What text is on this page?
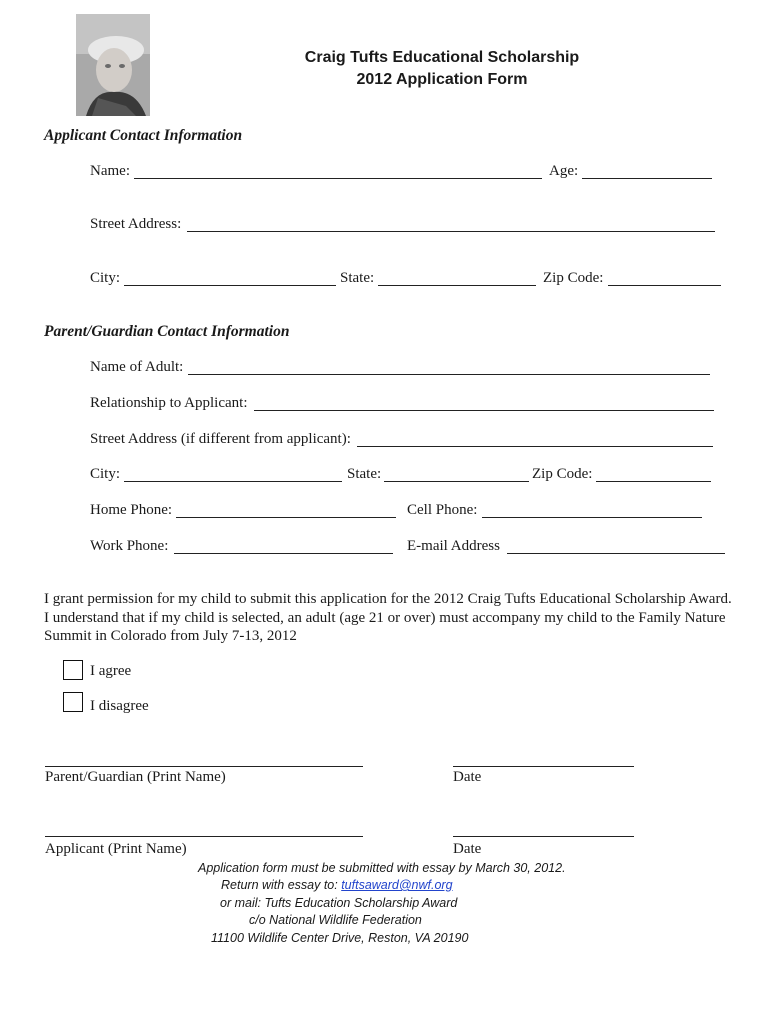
Craig Tufts Educational Scholarship
2012 Application Form
Applicant Contact Information
Name:	Age:
Street Address:
City:	State:	Zip Code:
Parent/Guardian Contact Information
Name of Adult:
Relationship to Applicant:
Street Address (if different from applicant):
City:	State:	Zip Code:
Home Phone:	Cell Phone:
Work Phone:	E-mail Address
I grant permission for my child to submit this application for the 2012 Craig Tufts Educational Scholarship Award. I understand that if my child is selected, an adult (age 21 or over) must accompany my child to the Family Nature Summit in Colorado from July 7-13, 2012
I agree
I disagree
Parent/Guardian (Print Name)	Date
Applicant (Print Name)	Date
Application form must be submitted with essay by March 30, 2012.
Return with essay to: tuftsaward@nwf.org
or mail: Tufts Education Scholarship Award
c/o National Wildlife Federation
11100 Wildlife Center Drive, Reston, VA 20190
